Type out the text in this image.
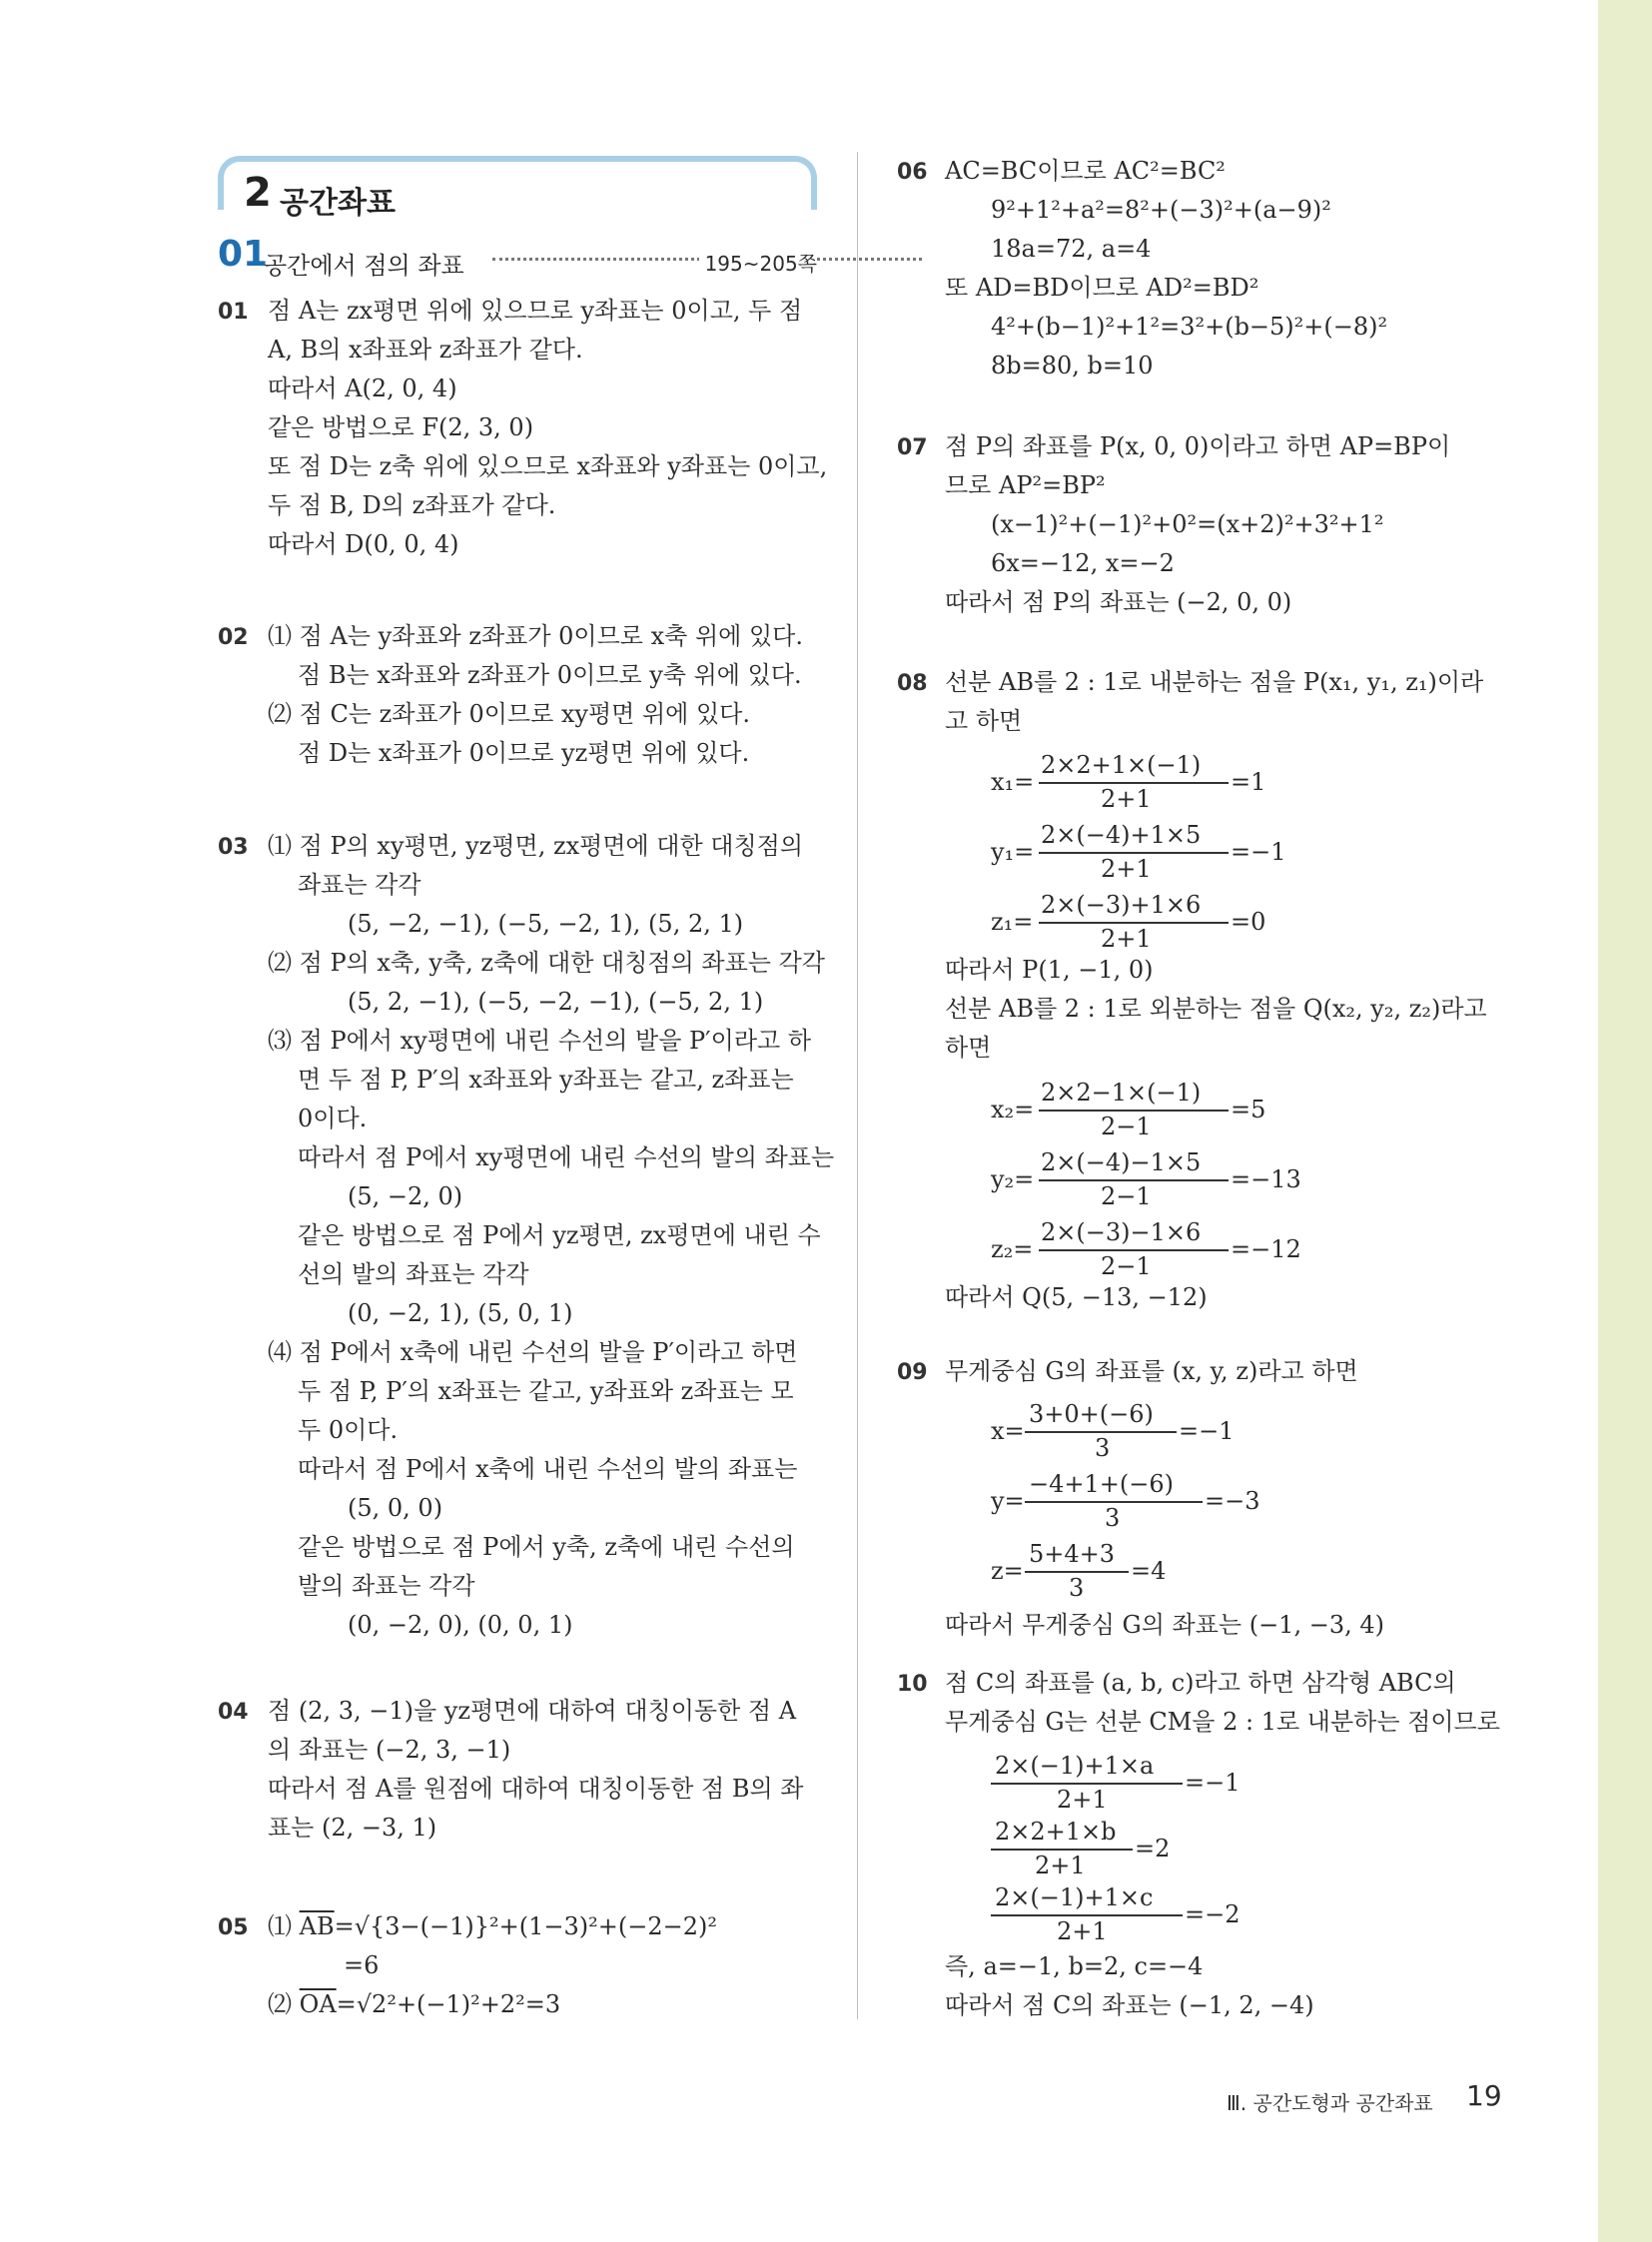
2 공간좌표
01
공간에서 점의 좌표	195~205쪽
01 점 A는 zx평면 위에 있으므로 y좌표는 0이고, 두 점
A, B의 x좌표와 z좌표가 같다.
따라서 A(2, 0, 4)
같은 방법으로 F(2, 3, 0)
또 점 D는 z축 위에 있으므로 x좌표와 y좌표는 0이고,
두 점 B, D의 z좌표가 같다.
따라서 D(0, 0, 4)
02 ⑴ 점 A는 y좌표와 z좌표가 0이므로 x축 위에 있다.
점 B는 x좌표와 z좌표가 0이므로 y축 위에 있다.
⑵ 점 C는 z좌표가 0이므로 xy평면 위에 있다.
점 D는 x좌표가 0이므로 yz평면 위에 있다.
03 ⑴ 점 P의 xy평면, yz평면, zx평면에 대한 대칭점의
좌표는 각각
(5, −2, −1), (−5, −2, 1), (5, 2, 1)
⑵ 점 P의 x축, y축, z축에 대한 대칭점의 좌표는 각각
(5, 2, −1), (−5, −2, −1), (−5, 2, 1)
⑶ 점 P에서 xy평면에 내린 수선의 발을 P′이라고 하
면 두 점 P, P′의 x좌표와 y좌표는 같고, z좌표는
0이다.
따라서 점 P에서 xy평면에 내린 수선의 발의 좌표는
(5, −2, 0)
같은 방법으로 점 P에서 yz평면, zx평면에 내린 수
선의 발의 좌표는 각각
(0, −2, 1), (5, 0, 1)
⑷ 점 P에서 x축에 내린 수선의 발을 P′이라고 하면
두 점 P, P′의 x좌표는 같고, y좌표와 z좌표는 모
두 0이다.
따라서 점 P에서 x축에 내린 수선의 발의 좌표는
(5, 0, 0)
같은 방법으로 점 P에서 y축, z축에 내린 수선의
발의 좌표는 각각
(0, −2, 0), (0, 0, 1)
04 점 (2, 3, −1)을 yz평면에 대하여 대칭이동한 점 A
의 좌표는 (−2, 3, −1)
따라서 점 A를 원점에 대하여 대칭이동한 점 B의 좌
표는 (2, −3, 1)
05 ⑴ $\overline{AB}=√\{3-(-1)\}^2+(1-3)^2+(-2-2)^2$
=6
⑵ $\overline{OA}=√2^2+(-1)^2+2^2=3$
06 AC=BC이므로 AC²=BC²
9²+1²+a²=8²+(−3)²+(a−9)²
18a=72, a=4
또 AD=BD이므로 AD²=BD²
4²+(b−1)²+1²=3²+(b−5)²+(−8)²
8b=80, b=10
07 점 P의 좌표를 P(x, 0, 0)이라고 하면 AP=BP이
므로 AP²=BP²
(x−1)²+(−1)²+0²=(x+2)²+3²+1²
6x=−12, x=−2
따라서 점 P의 좌표는 (−2, 0, 0)
08 선분 AB를 2 : 1로 내분하는 점을 P(x₁, y₁, z₁)이라
고 하면
x₁=
2×2+1×(−1)
2+1
=1
y₁=
2×(−4)+1×5
2+1
=−1
z₁=
2×(−3)+1×6
2+1
=0
따라서 P(1, −1, 0)
선분 AB를 2 : 1로 외분하는 점을 Q(x₂, y₂, z₂)라고
하면
x₂=
2×2−1×(−1)
2−1
=5
y₂=
2×(−4)−1×5
2−1
=−13
z₂=
2×(−3)−1×6
2−1
=−12
따라서 Q(5, −13, −12)
09 무게중심 G의 좌표를 (x, y, z)라고 하면
x=
3+0+(−6)
3
=−1
y=
−4+1+(−6)
3
=−3
z=
5+4+3
3
=4
따라서 무게중심 G의 좌표는 (−1, −3, 4)
10 점 C의 좌표를 (a, b, c)라고 하면 삼각형 ABC의
무게중심 G는 선분 CM을 2 : 1로 내분하는 점이므로
2×(−1)+1×a
2+1
=−1
2×2+1×b
2+1
=2
2×(−1)+1×c
2+1
=−2
즉, a=−1, b=2, c=−4
따라서 점 C의 좌표는 (−1, 2, −4)
Ⅲ. 공간도형과 공간좌표 19
